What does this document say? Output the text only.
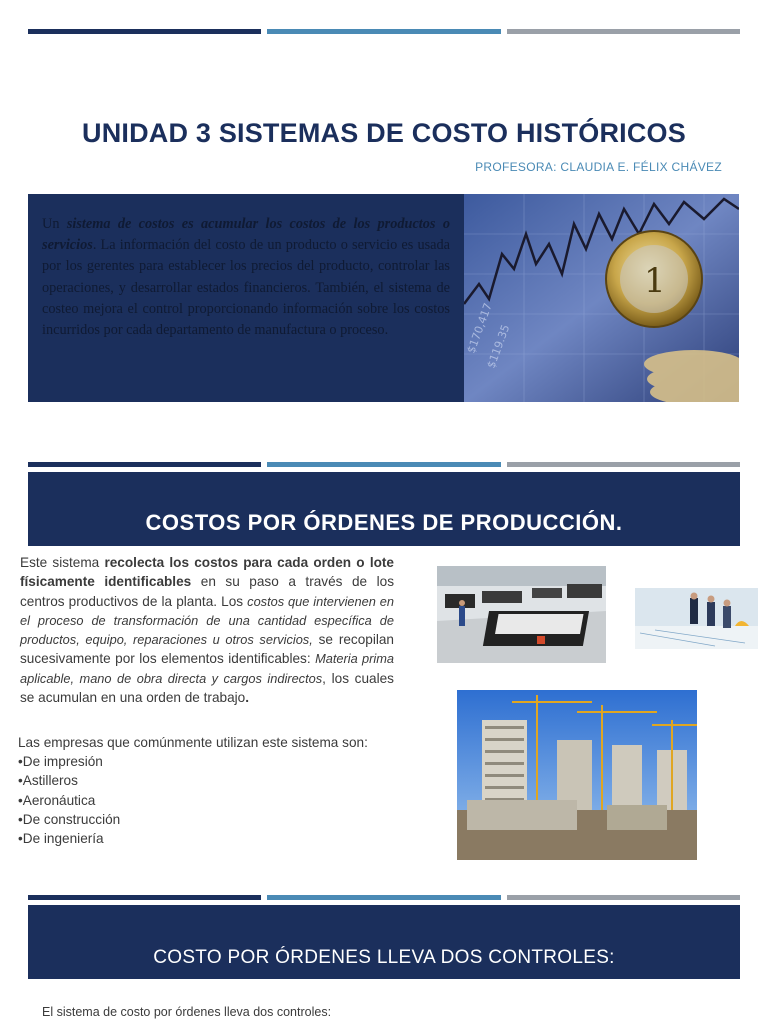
UNIDAD 3 SISTEMAS DE COSTO HISTÓRICOS
PROFESORA: CLAUDIA E. FÉLIX CHÁVEZ

Un sistema de costos es acumular los costos de los productos o servicios. La información del costo de un producto o servicio es usada por los gerentes para establecer los precios del producto, controlar las operaciones, y desarrollar estados financieros. También, el sistema de costeo mejora el control proporcionando información sobre los costos incurridos por cada departamento de manufactura o proceso.

1
$170,417
$119.35
COSTOS POR ÓRDENES DE PRODUCCIÓN.
Este sistema recolecta los costos para cada orden o lote físicamente identificables en su paso a través de los centros productivos de la planta. Los costos que intervienen en el proceso de transformación de una cantidad específica de productos, equipo, reparaciones u otros servicios, se recopilan sucesivamente por los elementos identificables: Materia prima aplicable, mano de obra directa y cargos indirectos, los cuales se acumulan en una orden de trabajo.
Las empresas que comúnmente utilizan este sistema son:
•De impresión
•Astilleros
•Aeronáutica
•De construcción
•De ingeniería
COSTO POR ÓRDENES LLEVA DOS CONTROLES:
El sistema de costo por órdenes lleva dos controles:
